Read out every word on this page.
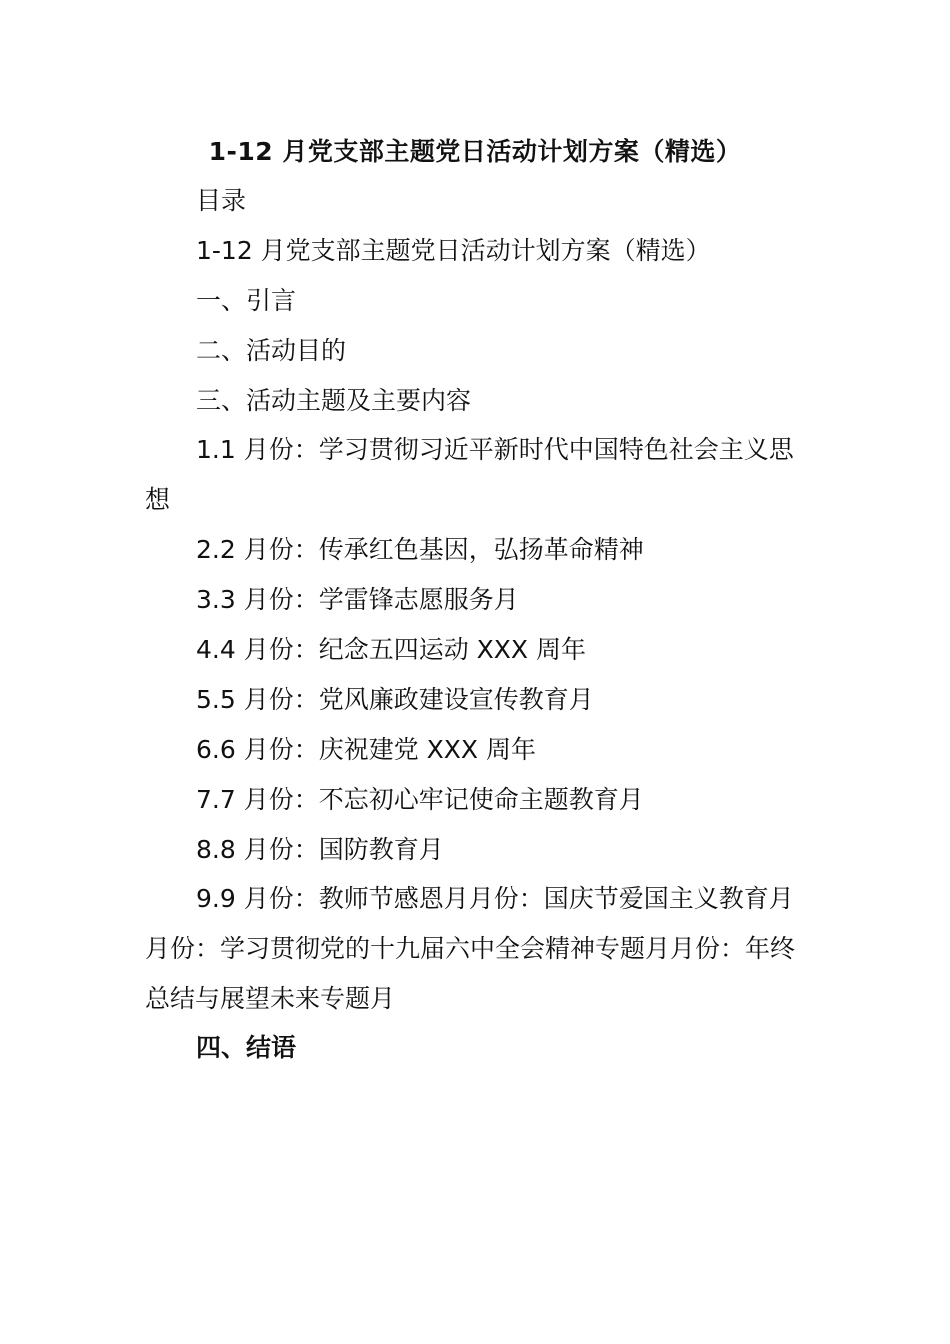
1-12 月党支部主题党日活动计划方案（精选）
目录
1-12 月党支部主题党日活动计划方案（精选）
一、引言
二、活动目的
三、活动主题及主要内容
1.1 月份：学习贯彻习近平新时代中国特色社会主义思想
2.2 月份：传承红色基因，弘扬革命精神
3.3 月份：学雷锋志愿服务月
4.4 月份：纪念五四运动 XXX 周年
5.5 月份：党风廉政建设宣传教育月
6.6 月份：庆祝建党 XXX 周年
7.7 月份：不忘初心牢记使命主题教育月
8.8 月份：国防教育月
9.9 月份：教师节感恩月月份：国庆节爱国主义教育月月份：学习贯彻党的十九届六中全会精神专题月月份：年终总结与展望未来专题月
四、结语
